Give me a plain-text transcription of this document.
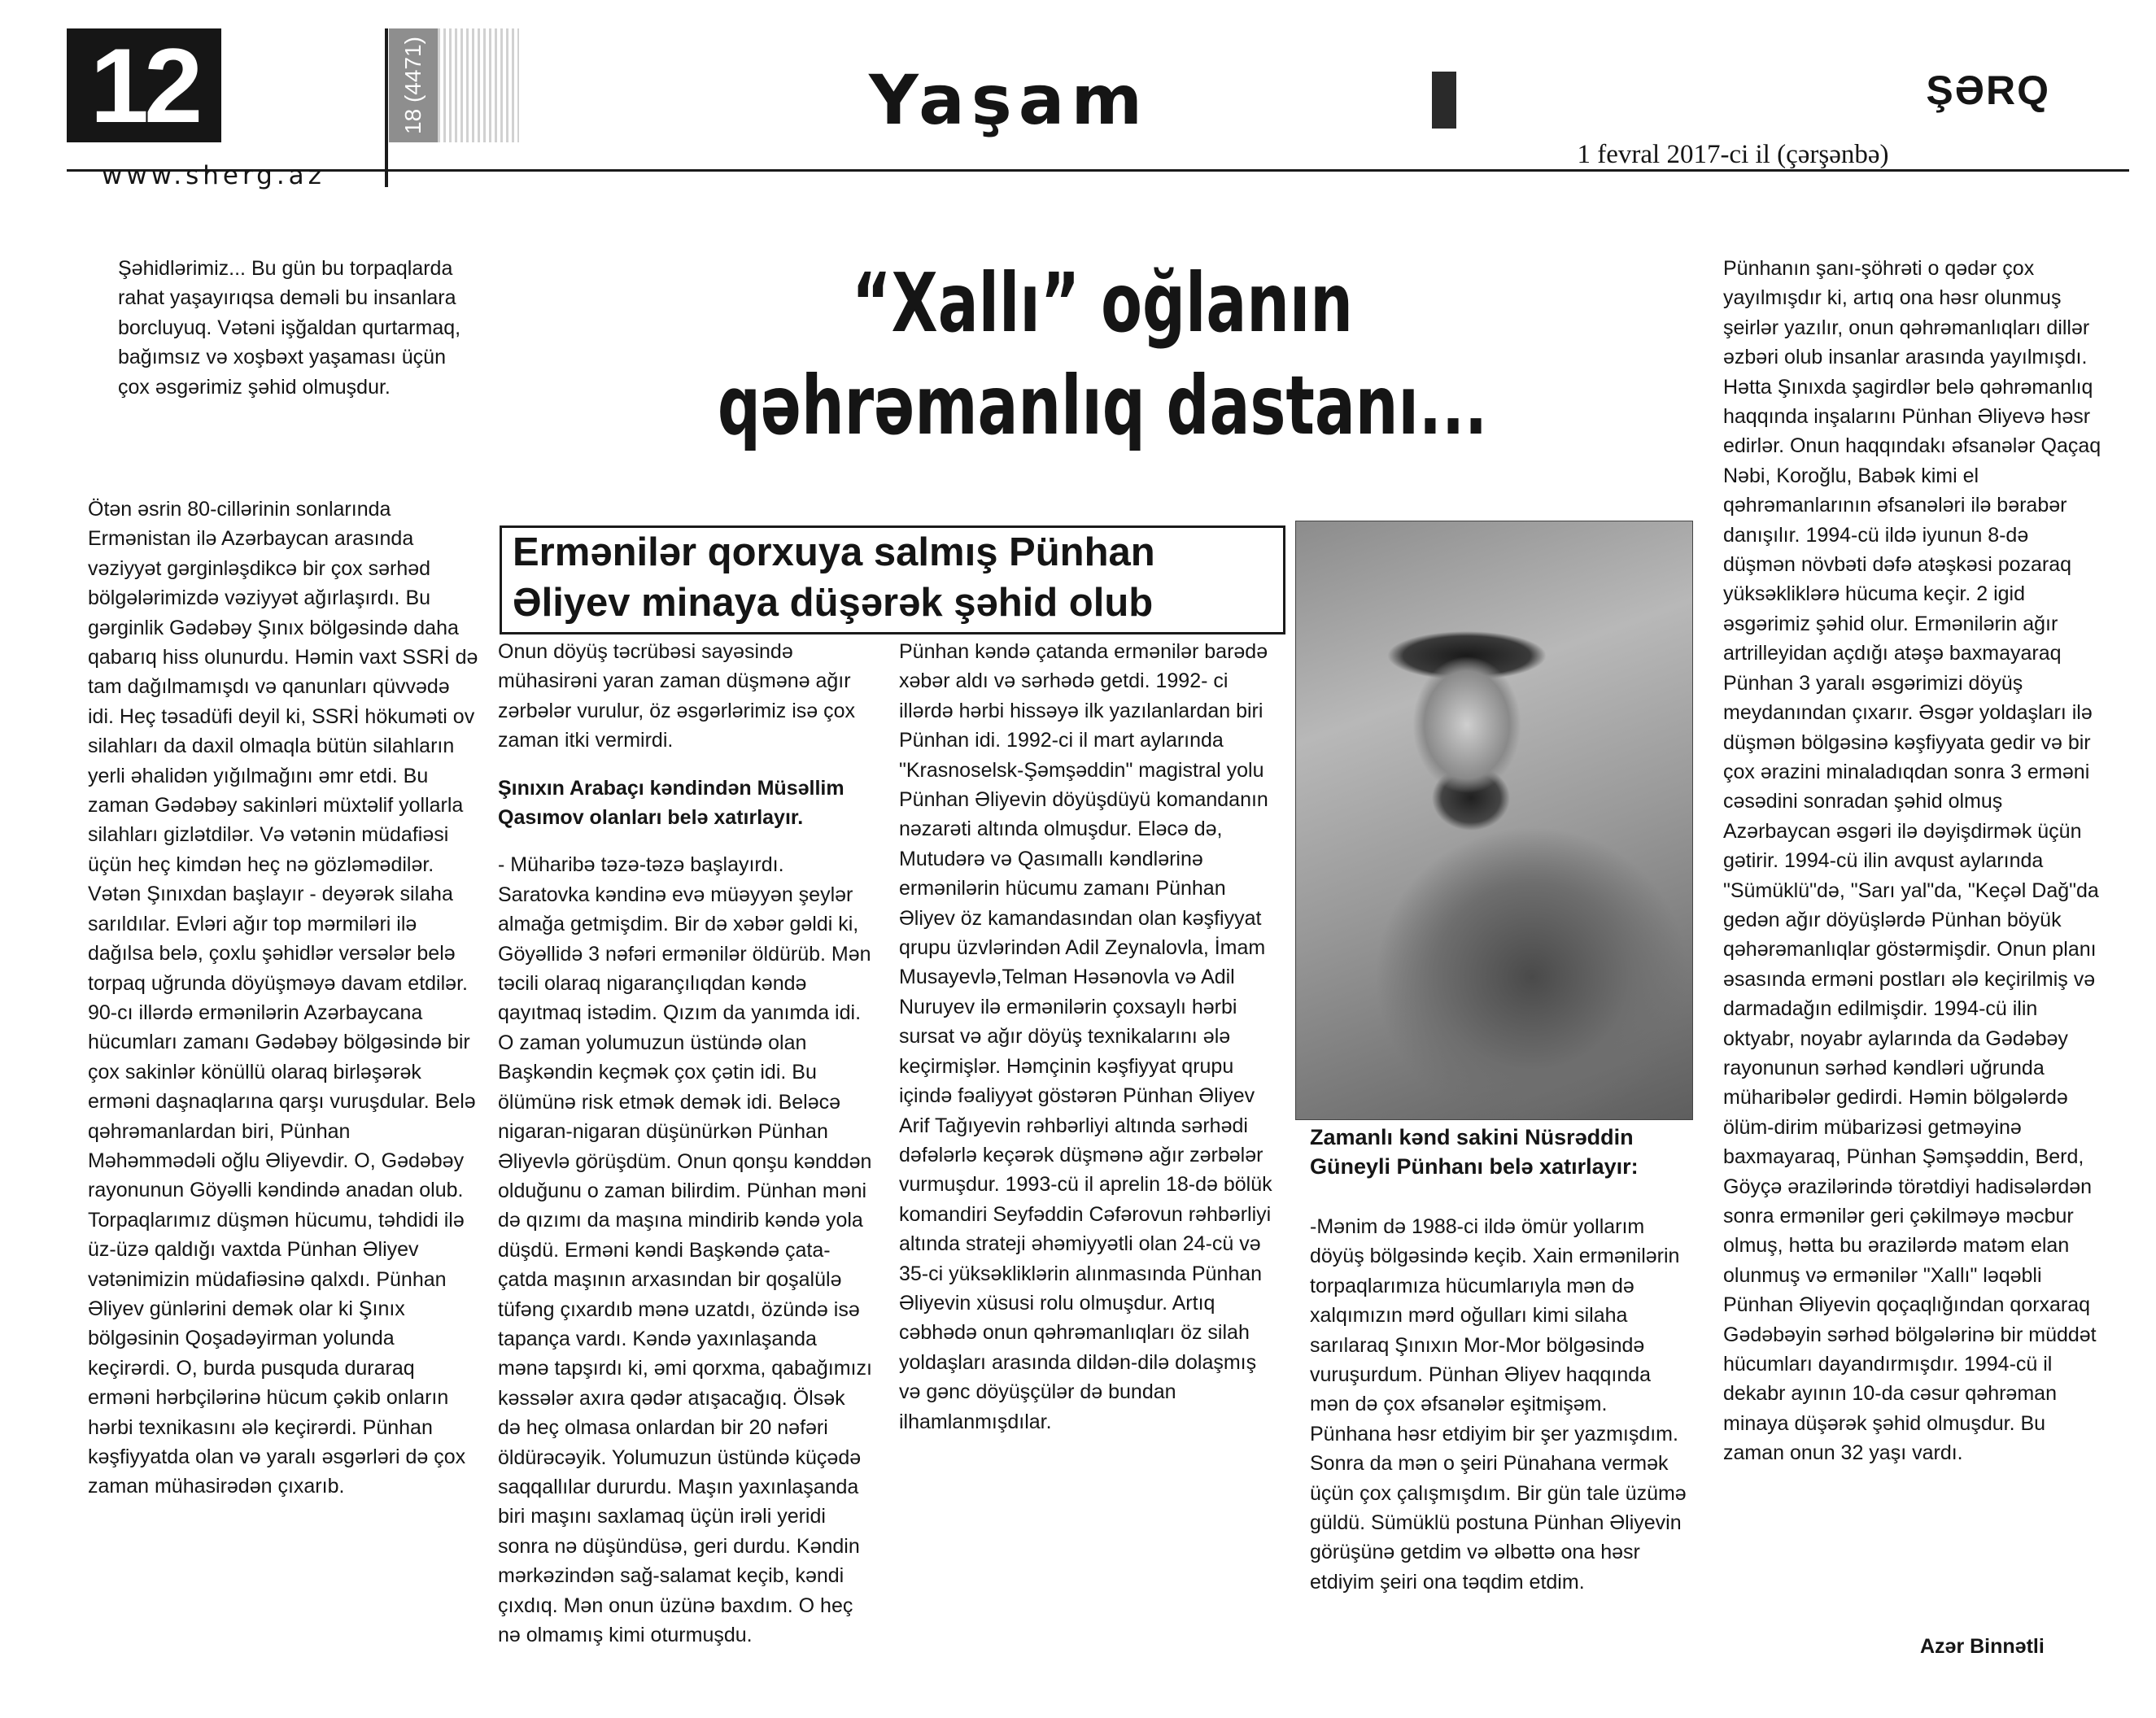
12	18 (4471)	Yaşam	ŞƏRQ
www.sherg.az
1 fevral 2017-ci il (çərşənbə)

Şəhidlərimiz... Bu gün bu torpaqlarda rahat yaşayırıqsa deməli bu insanlara borcluyuq. Vətəni işğaldan qurtarmaq, bağımsız və xoşbəxt yaşaması üçün çox əsgərimiz şəhid olmuşdur.

Ötən əsrin 80-cillərinin sonlarında Ermənistan ilə Azərbaycan arasında vəziyyət gərginləşdikcə bir çox sərhəd bölgələrimizdə vəziyyət ağırlaşırdı. Bu gərginlik Gədəbəy Şınıx bölgəsində daha qabarıq hiss olunurdu. Həmin vaxt SSRİ də tam dağılmamışdı və qanunları qüvvədə idi. Heç təsadüfi deyil ki, SSRİ hökuməti ov silahları da daxil olmaqla bütün silahların yerli əhalidən yığılmağını əmr etdi. Bu zaman Gədəbəy sakinləri müxtəlif yollarla silahları gizlətdilər. Və vətənin müdafiəsi üçün heç kimdən heç nə gözləmədilər. Vətən Şınıxdan başlayır - deyərək silaha sarıldılar. Evləri ağır top mərmiləri ilə dağılsa belə, çoxlu şəhidlər versələr belə torpaq uğrunda döyüşməyə davam etdilər. 90-cı illərdə ermənilərin Azərbaycana hücumları zamanı Gədəbəy bölgəsində bir çox sakinlər könüllü olaraq birləşərək erməni daşnaqlarına qarşı vuruşdular. Belə qəhrəmanlardan biri, Pünhan Məhəmmədəli oğlu Əliyevdir. O, Gədəbəy rayonunun Göyəlli kəndində anadan olub. Torpaqlarımız düşmən hücumu, təhdidi ilə üz-üzə qaldığı vaxtda Pünhan Əliyev vətənimizin müdafiəsinə qalxdı. Pünhan Əliyev günlərini demək olar ki Şınıx bölgəsinin Qoşadəyirman yolunda keçirərdi. O, burda pusquda duraraq erməni hərbçilərinə hücum çəkib onların hərbi texnikasını ələ keçirərdi. Pünhan kəşfiyyatda olan və yaralı əsgərləri də çox zaman mühasirədən çıxarıb.

“Xallı” oğlanın
qəhrəmanlıq dastanı...
Ermənilər qorxuya salmış Pünhan Əliyev minaya düşərək şəhid olub

Onun döyüş təcrübəsi sayəsində mühasirəni yaran zaman düşmənə ağır zərbələr vurulur, öz əsgərlərimiz isə çox zaman itki vermirdi.

Şınıxın Arabaçı kəndindən Müsəllim Qasımov olanları belə xatırlayır.

- Müharibə təzə-təzə başlayırdı. Saratovka kəndinə evə müəyyən şeylər almağa getmişdim. Bir də xəbər gəldi ki, Göyəllidə 3 nəfəri ermənilər öldürüb. Mən təcili olaraq nigarançılıqdan kəndə qayıtmaq istədim. Qızım da yanımda idi. O zaman yolumuzun üstündə olan Başkəndin keçmək çox çətin idi. Bu ölümünə risk etmək demək idi. Beləcə nigaran-nigaran düşünürkən Pünhan Əliyevlə görüşdüm. Onun qonşu kənddən olduğunu o zaman bilirdim. Pünhan məni də qızımı da maşına mindirib kəndə yola düşdü. Erməni kəndi Başkəndə çata-çatda maşının arxasından bir qoşalülə tüfəng çıxardıb mənə uzatdı, özündə isə tapança vardı. Kəndə yaxınlaşanda mənə tapşırdı ki, əmi qorxma, qabağımızı kəssələr axıra qədər atışacağıq. Ölsək də heç olmasa onlardan bir 20 nəfəri öldürəcəyik. Yolumuzun üstündə küçədə saqqallılar dururdu. Maşın yaxınlaşanda biri maşını saxlamaq üçün irəli yeridi sonra nə düşündüsə, geri durdu. Kəndin mərkəzindən sağ-salamat keçib, kəndi çıxdıq. Mən onun üzünə baxdım. O heç nə olmamış kimi oturmuşdu.

Pünhan kəndə çatanda ermənilər barədə xəbər aldı və sərhədə getdi. 1992- ci illərdə hərbi hissəyə ilk yazılanlardan biri Pünhan idi. 1992-ci il mart aylarında "Krasnoselsk-Şəmşəddin" magistral yolu Pünhan Əliyevin döyüşdüyü komandanın nəzarəti altında olmuşdur. Eləcə də, Mutudərə və Qasımallı kəndlərinə ermənilərin hücumu zamanı Pünhan Əliyev öz kamandasından olan kəşfiyyat qrupu üzvlərindən Adil Zeynalovla, İmam Musayevlə,Telman Həsənovla və Adil Nuruyev ilə ermənilərin çoxsaylı hərbi sursat və ağır döyüş texnikalarını ələ keçirmişlər. Həmçinin kəşfiyyat qrupu içində fəaliyyət göstərən Pünhan Əliyev Arif Tağıyevin rəhbərliyi altında sərhədi dəfələrlə keçərək düşmənə ağır zərbələr vurmuşdur. 1993-cü il aprelin 18-də bölük komandiri Seyfəddin Cəfərovun rəhbərliyi altında strateji əhəmiyyətli olan 24-cü və 35-ci yüksəkliklərin alınmasında Pünhan Əliyevin xüsusi rolu olmuşdur. Artıq cəbhədə onun qəhrəmanlıqları öz silah yoldaşları arasında dildən-dilə dolaşmış və gənc döyüşçülər də bundan ilhamlanmışdılar.

Zamanlı kənd sakini Nüsrəddin Güneyli Pünhanı belə xatırlayır:

-Mənim də 1988-ci ildə ömür yollarım döyüş bölgəsində keçib. Xain ermənilərin torpaqlarımıza hücumlarıyla mən də xalqımızın mərd oğulları kimi silaha sarılaraq Şınıxın Mor-Mor bölgəsində vuruşurdum. Pünhan Əliyev haqqında mən də çox əfsanələr eşitmişəm. Pünhana həsr etdiyim bir şer yazmışdım. Sonra da mən o şeiri Pünahana vermək üçün çox çalışmışdım. Bir gün tale üzümə güldü. Sümüklü postuna Pünhan Əliyevin görüşünə getdim və əlbəttə ona həsr etdiyim şeiri ona təqdim etdim.

Pünhanın şanı-şöhrəti o qədər çox yayılmışdır ki, artıq ona həsr olunmuş şeirlər yazılır, onun qəhrəmanlıqları dillər əzbəri olub insanlar arasında yayılmışdı. Hətta Şınıxda şagirdlər belə qəhrəmanlıq haqqında inşalarını Pünhan Əliyevə həsr edirlər. Onun haqqındakı əfsanələr Qaçaq Nəbi, Koroğlu, Babək kimi el qəhrəmanlarının əfsanələri ilə bərabər danışılır. 1994-cü ildə iyunun 8-də düşmən növbəti dəfə atəşkəsi pozaraq yüksəkliklərə hücuma keçir. 2 igid əsgərimiz şəhid olur. Ermənilərin ağır artrilleyidan açdığı atəşə baxmayaraq Pünhan 3 yaralı əsgərimizi döyüş meydanından çıxarır. Əsgər yoldaşları ilə düşmən bölgəsinə kəşfiyyata gedir və bir çox ərazini minaladıqdan sonra 3 erməni cəsədini sonradan şəhid olmuş Azərbaycan əsgəri ilə dəyişdirmək üçün gətirir. 1994-cü ilin avqust aylarında "Sümüklü"də, "Sarı yal"da, "Keçəl Dağ"da gedən ağır döyüşlərdə Pünhan böyük qəhərəmanlıqlar göstərmişdir. Onun planı əsasında erməni postları ələ keçirilmiş və darmadağın edilmişdir. 1994-cü ilin oktyabr, noyabr aylarında da Gədəbəy rayonunun sərhəd kəndləri uğrunda müharibələr gedirdi. Həmin bölgələrdə ölüm-dirim mübarizəsi getməyinə baxmayaraq, Pünhan Şəmşəddin, Berd, Göyçə ərazilərində törətdiyi hadisələrdən sonra ermənilər geri çəkilməyə məcbur olmuş, hətta bu ərazilərdə matəm elan olunmuş və ermənilər "Xallı" ləqəbli Pünhan Əliyevin qoçaqlığından qorxaraq Gədəbəyin sərhəd bölgələrinə bir müddət hücumları dayandırmışdır. 1994-cü il dekabr ayının 10-da cəsur qəhrəman minaya düşərək şəhid olmuşdur. Bu zaman onun 32 yaşı vardı.

Azər Binnətli
